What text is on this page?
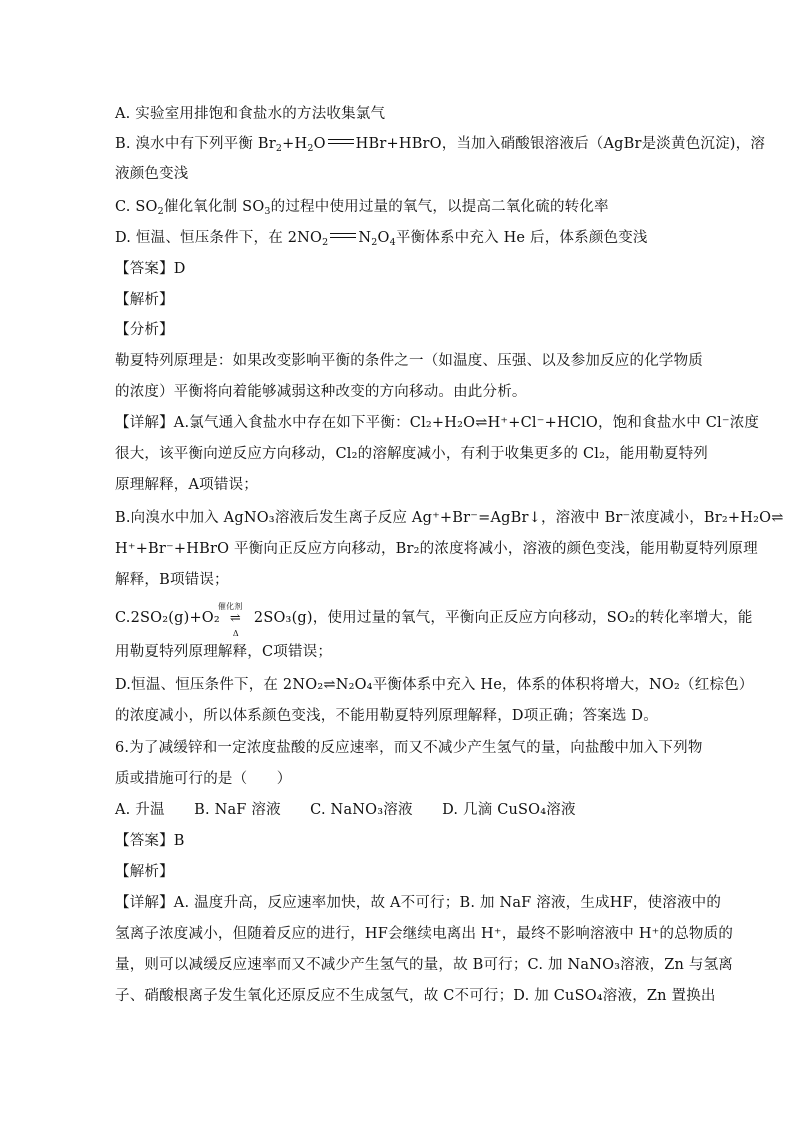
A. 实验室用排饱和食盐水的方法收集氯气
B. 溴水中有下列平衡 $Br_2+H_2O$ HBr+HBrO，当加入硝酸银溶液后（AgBr是淡黄色沉淀)，溶
液颜色变浅
C. $SO_2$催化氧化制 $SO_3$的过程中使用过量的氧气，以提高二氧化硫的转化率
D. 恒温、恒压条件下，在 $2NO_2$ $N_2O_4$平衡体系中充入 He 后，体系颜色变浅
【答案】D
【解析】
【分析】
勒夏特列原理是：如果改变影响平衡的条件之一（如温度、压强、以及参加反应的化学物质
的浓度）平衡将向着能够减弱这种改变的方向移动。由此分析。
【详解】A.氯气通入食盐水中存在如下平衡：Cl₂+H₂O⇌H⁺+Cl⁻+HClO，饱和食盐水中 Cl⁻浓度
很大，该平衡向逆反应方向移动，Cl₂的溶解度减小，有利于收集更多的 Cl₂，能用勒夏特列
原理解释，A项错误；
B.向溴水中加入 AgNO₃溶液后发生离子反应 Ag⁺+Br⁻=AgBr↓，溶液中 Br⁻浓度减小，Br₂+H₂O⇌
H⁺+Br⁻+HBrO 平衡向正反应方向移动，Br₂的浓度将减小，溶液的颜色变浅，能用勒夏特列原理
解释，B项错误；
C.2SO₂(g)+O₂
催化剂
⇌
Δ
2SO₃(g)，使用过量的氧气，平衡向正反应方向移动，SO₂的转化率增大，能
用勒夏特列原理解释，C项错误；
D.恒温、恒压条件下，在 2NO₂⇌N₂O₄平衡体系中充入 He，体系的体积将增大，NO₂（红棕色）
的浓度减小，所以体系颜色变浅，不能用勒夏特列原理解释，D项正确；答案选 D。
6.为了减缓锌和一定浓度盐酸的反应速率，而又不减少产生氢气的量，向盐酸中加入下列物
质或措施可行的是（　　）
A. 升温　　B. NaF 溶液　　C. NaNO₃溶液　　D. 几滴 CuSO₄溶液
【答案】B
【解析】
【详解】A. 温度升高，反应速率加快，故 A不可行；B. 加 NaF 溶液，生成HF，使溶液中的
氢离子浓度减小，但随着反应的进行，HF会继续电离出 H⁺，最终不影响溶液中 H⁺的总物质的
量，则可以减缓反应速率而又不减少产生氢气的量，故 B可行；C. 加 NaNO₃溶液，Zn 与氢离
子、硝酸根离子发生氧化还原反应不生成氢气，故 C不可行；D. 加 CuSO₄溶液，Zn 置换出
